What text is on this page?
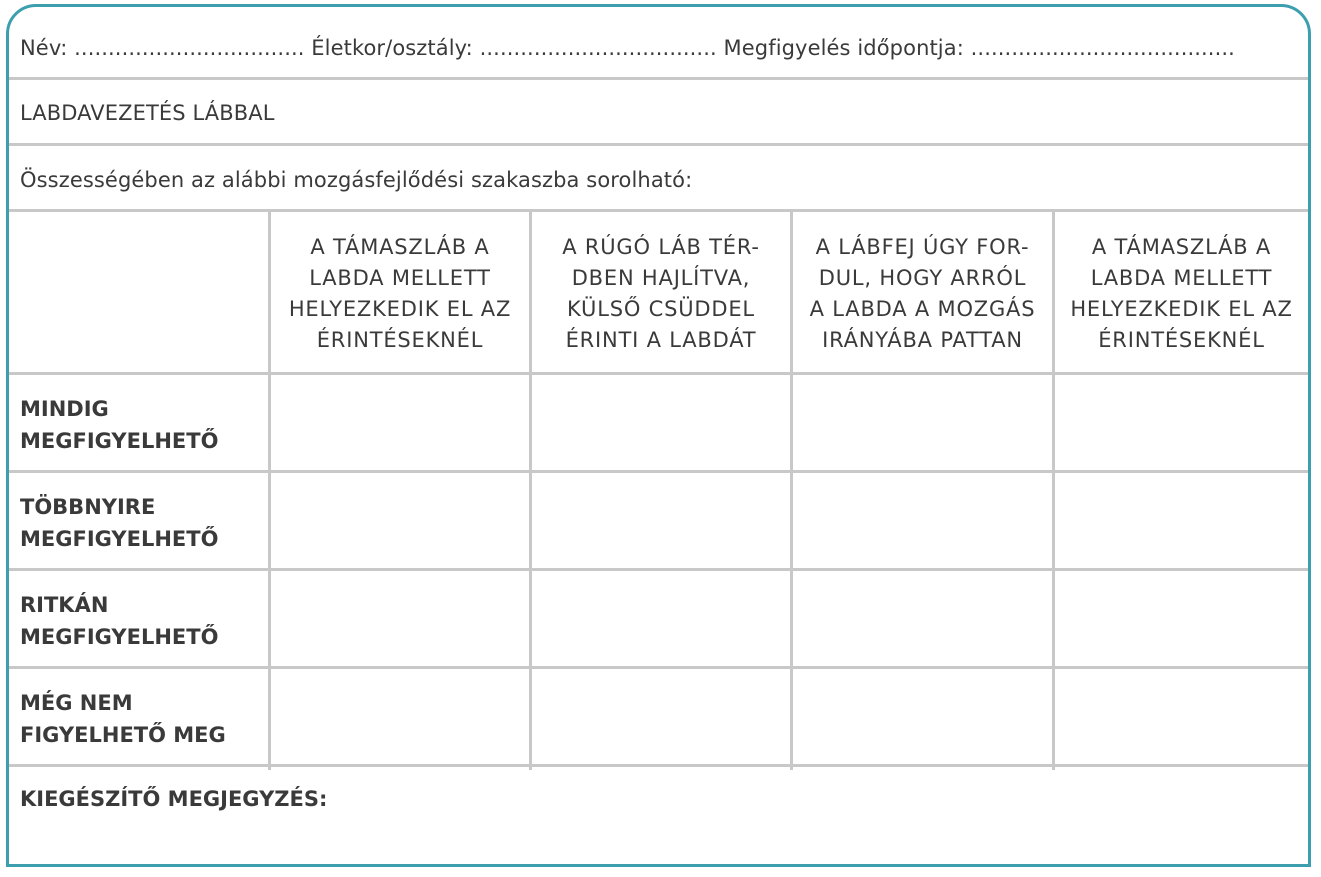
Név: .................................. Életkor/osztály: ................................... Megfigyelés időpontja: .......................................
LABDAVEZETÉS LÁBBAL
Összességében az alábbi mozgásfejlődési szakaszba sorolható:
A TÁMASZLÁB A
LABDA MELLETT
HELYEZKEDIK EL AZ
ÉRINTÉSEKNÉL
A RÚGÓ LÁB TÉR-
DBEN HAJLÍTVA,
KÜLSŐ CSÜDDEL
ÉRINTI A LABDÁT
A LÁBFEJ ÚGY FOR-
DUL, HOGY ARRÓL
A LABDA A MOZGÁS
IRÁNYÁBA PATTAN
A TÁMASZLÁB A
LABDA MELLETT
HELYEZKEDIK EL AZ
ÉRINTÉSEKNÉL
MINDIG
MEGFIGYELHETŐ
TÖBBNYIRE
MEGFIGYELHETŐ
RITKÁN
MEGFIGYELHETŐ
MÉG NEM
FIGYELHETŐ MEG
KIEGÉSZÍTŐ MEGJEGYZÉS:
